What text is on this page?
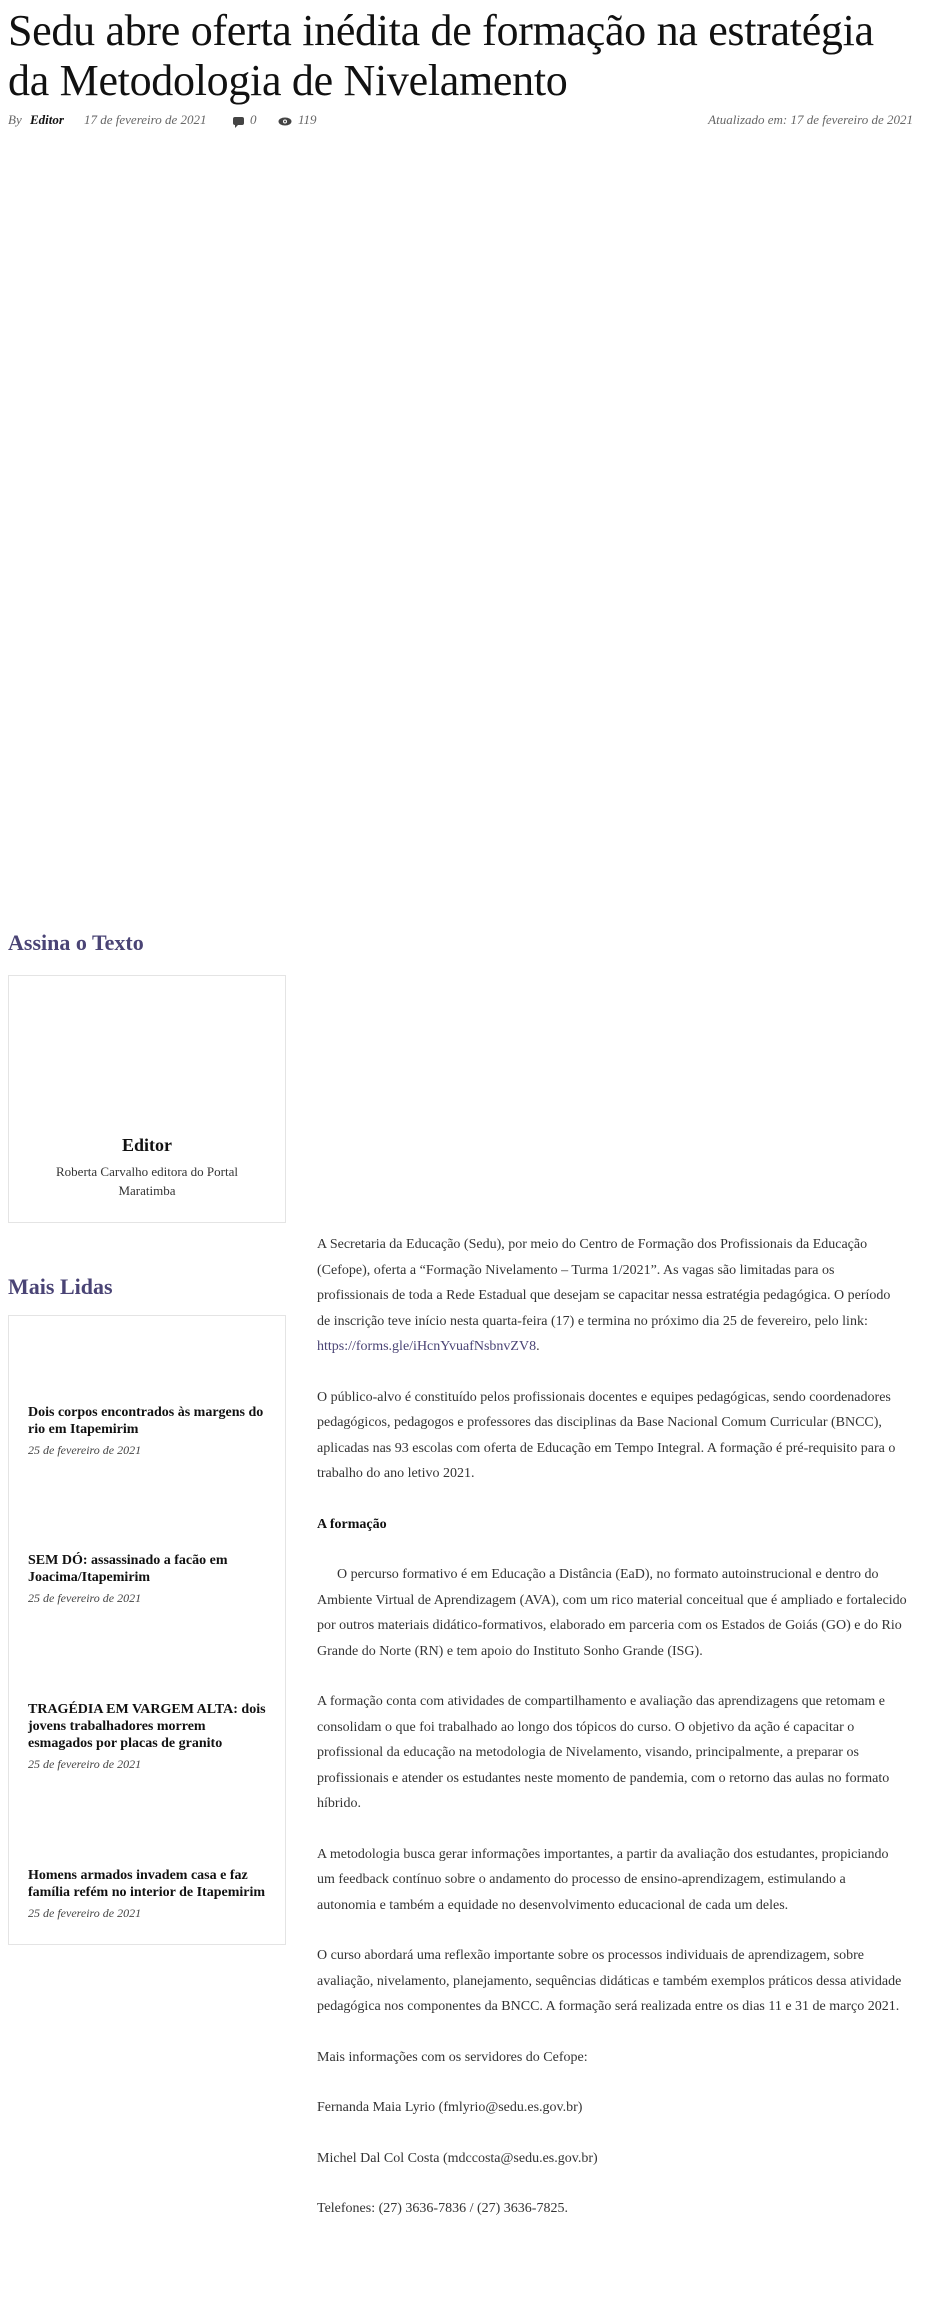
Sedu abre oferta inédita de formação na estratégia da Metodologia de Nivelamento
By Editor 17 de fevereiro de 2021	0	119	Atualizado em: 17 de fevereiro de 2021
Assina o Texto
Editor
Roberta Carvalho editora do Portal Maratimba
Mais Lidas
Dois corpos encontrados às margens do rio em Itapemirim
25 de fevereiro de 2021
SEM DÓ: assassinado a facão em Joacima/Itapemirim
25 de fevereiro de 2021
TRAGÉDIA EM VARGEM ALTA: dois jovens trabalhadores morrem esmagados por placas de granito
25 de fevereiro de 2021
Homens armados invadem casa e faz família refém no interior de Itapemirim
25 de fevereiro de 2021

A Secretaria da Educação (Sedu), por meio do Centro de Formação dos Profissionais da Educação (Cefope), oferta a “Formação Nivelamento – Turma 1/2021”. As vagas são limitadas para os profissionais de toda a Rede Estadual que desejam se capacitar nessa estratégia pedagógica. O período de inscrição teve início nesta quarta-feira (17) e termina no próximo dia 25 de fevereiro, pelo link: https://forms.gle/iHcnYvuafNsbnvZV8.

O público-alvo é constituído pelos profissionais docentes e equipes pedagógicas, sendo coordenadores pedagógicos, pedagogos e professores das disciplinas da Base Nacional Comum Curricular (BNCC), aplicadas nas 93 escolas com oferta de Educação em Tempo Integral. A formação é pré-requisito para o trabalho do ano letivo 2021.

A formação

O percurso formativo é em Educação a Distância (EaD), no formato autoinstrucional e dentro do Ambiente Virtual de Aprendizagem (AVA), com um rico material conceitual que é ampliado e fortalecido por outros materiais didático-formativos, elaborado em parceria com os Estados de Goiás (GO) e do Rio Grande do Norte (RN) e tem apoio do Instituto Sonho Grande (ISG).

A formação conta com atividades de compartilhamento e avaliação das aprendizagens que retomam e consolidam o que foi trabalhado ao longo dos tópicos do curso. O objetivo da ação é capacitar o profissional da educação na metodologia de Nivelamento, visando, principalmente, a preparar os profissionais e atender os estudantes neste momento de pandemia, com o retorno das aulas no formato híbrido.

A metodologia busca gerar informações importantes, a partir da avaliação dos estudantes, propiciando um feedback contínuo sobre o andamento do processo de ensino-aprendizagem, estimulando a autonomia e também a equidade no desenvolvimento educacional de cada um deles.

O curso abordará uma reflexão importante sobre os processos individuais de aprendizagem, sobre avaliação, nivelamento, planejamento, sequências didáticas e também exemplos práticos dessa atividade pedagógica nos componentes da BNCC. A formação será realizada entre os dias 11 e 31 de março 2021.

Mais informações com os servidores do Cefope:

Fernanda Maia Lyrio (fmlyrio@sedu.es.gov.br)

Michel Dal Col Costa (mdccosta@sedu.es.gov.br)

Telefones: (27) 3636-7836 / (27) 3636-7825.
